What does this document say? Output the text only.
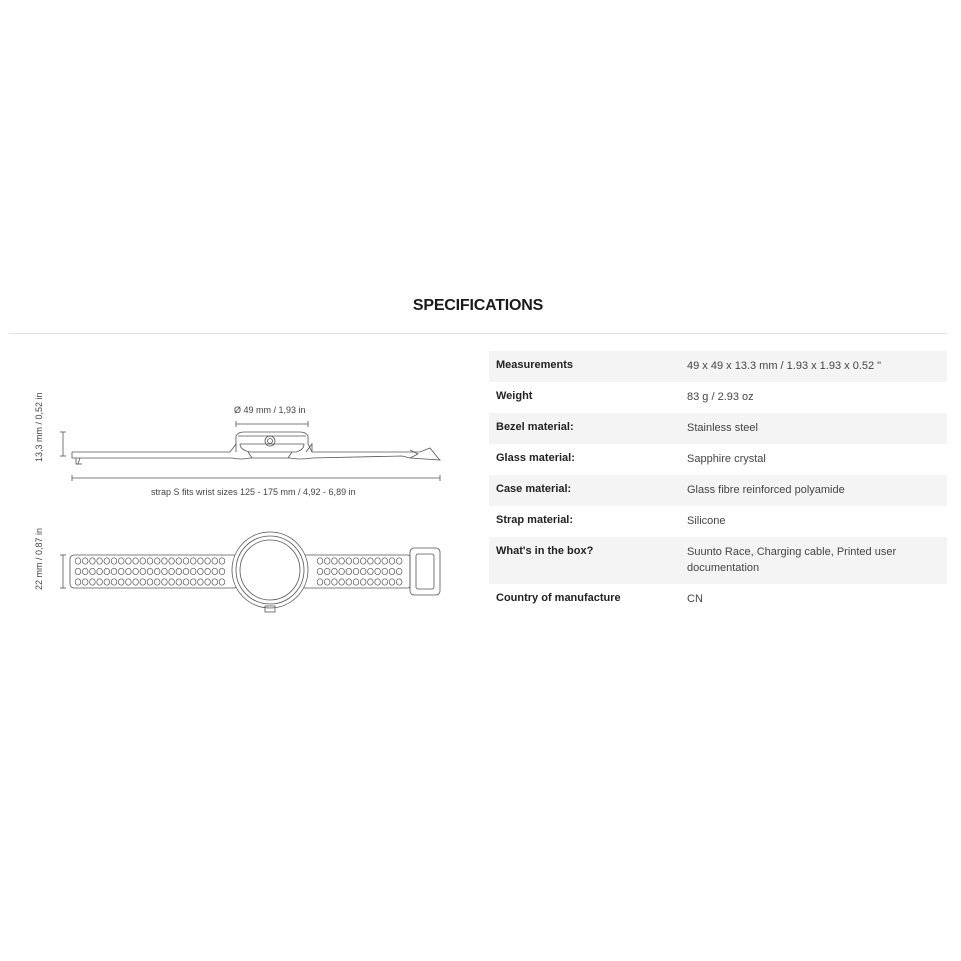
SPECIFICATIONS
Ø 49 mm / 1,93 in
13,3 mm / 0,52 in
strap S fits wrist sizes 125 - 175 mm / 4,92 - 6,89 in
22 mm / 0,87 in
Measurements	49 x 49 x 13.3 mm / 1.93 x 1.93 x 0.52 "
Weight	83 g / 2.93 oz
Bezel material:	Stainless steel
Glass material:	Sapphire crystal
Case material:	Glass fibre reinforced polyamide
Strap material:	Silicone
What's in the box?	Suunto Race, Charging cable, Printed user documentation
Country of manufacture	CN
